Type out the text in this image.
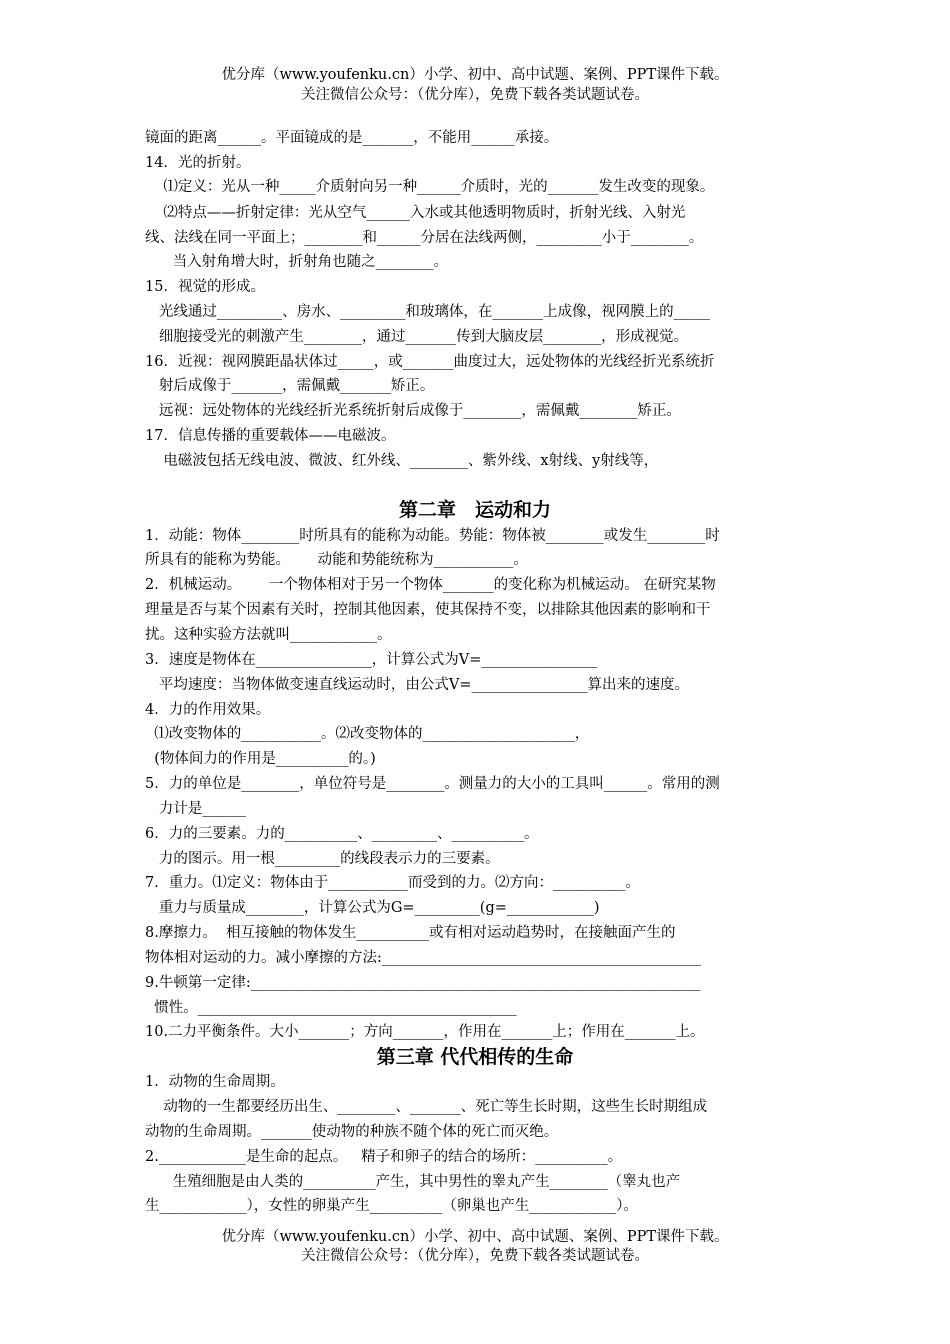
优分库（www.youfenku.cn）小学、初中、高中试题、案例、PPT课件下载。
关注微信公众号：（优分库），免费下载各类试题试卷。
镜面的距离______。平面镜成的是_______，不能用______承接。
14．光的折射。
⑴定义：光从一种_____介质射向另一种______介质时，光的_______发生改变的现象。
⑵特点——折射定律：光从空气______入水或其他透明物质时，折射光线、入射光
线、法线在同一平面上；________和______分居在法线两侧，_________小于________。
当入射角增大时，折射角也随之________。
15．视觉的形成。
光线通过_________、房水、_________和玻璃体，在_______上成像，视网膜上的_____
细胞接受光的刺激产生________，通过_______传到大脑皮层________，形成视觉。
16．近视：视网膜距晶状体过_____，或_______曲度过大，远处物体的光线经折光系统折
射后成像于_______，需佩戴_______矫正。
远视：远处物体的光线经折光系统折射后成像于________，需佩戴________矫正。
17．信息传播的重要载体——电磁波。
电磁波包括无线电波、微波、红外线、________、紫外线、x射线、y射线等，
第二章　运动和力
1．动能：物体________时所具有的能称为动能。势能：物体被________或发生________时
所具有的能称为势能。      动能和势能统称为___________。
2．机械运动。      一个物体相对于另一个物体_______的变化称为机械运动。 在研究某物
理量是否与某个因素有关时，控制其他因素，使其保持不变，以排除其他因素的影响和干
扰。这种实验方法就叫____________。
3．速度是物体在________________，计算公式为V=________________
平均速度：当物体做变速直线运动时，由公式V=________________算出来的速度。
4．力的作用效果。
⑴改变物体的___________。⑵改变物体的_____________________，
(物体间力的作用是__________的。)
5．力的单位是________，单位符号是________。测量力的大小的工具叫______。常用的测
力计是______
6．力的三要素。力的__________、_________、__________。
力的图示。用一根_________的线段表示力的三要素。
7．重力。⑴定义：物体由于___________而受到的力。⑵方向：__________。
重力与质量成________，计算公式为G=_________(g=____________)
8.摩擦力。  相互接触的物体发生__________或有相对运动趋势时，在接触面产生的
物体相对运动的力。减小摩擦的方法:____________________________________________
9.牛顿第一定律:______________________________________________________________
惯性。____________________________________________
10.二力平衡条件。大小_______；方向_______，作用在_______上；作用在_______上。
第三章 代代相传的生命
1．动物的生命周期。
动物的一生都要经历出生、________、_______、死亡等生长时期，这些生长时期组成
动物的生命周期。_______使动物的种族不随个体的死亡而灭绝。
2.____________是生命的起点。   精子和卵子的结合的场所：__________。
生殖细胞是由人类的__________产生，其中男性的睾丸产生________（睾丸也产
生____________），女性的卵巢产生__________（卵巢也产生____________）。
优分库（www.youfenku.cn）小学、初中、高中试题、案例、PPT课件下载。
关注微信公众号：（优分库），免费下载各类试题试卷。
